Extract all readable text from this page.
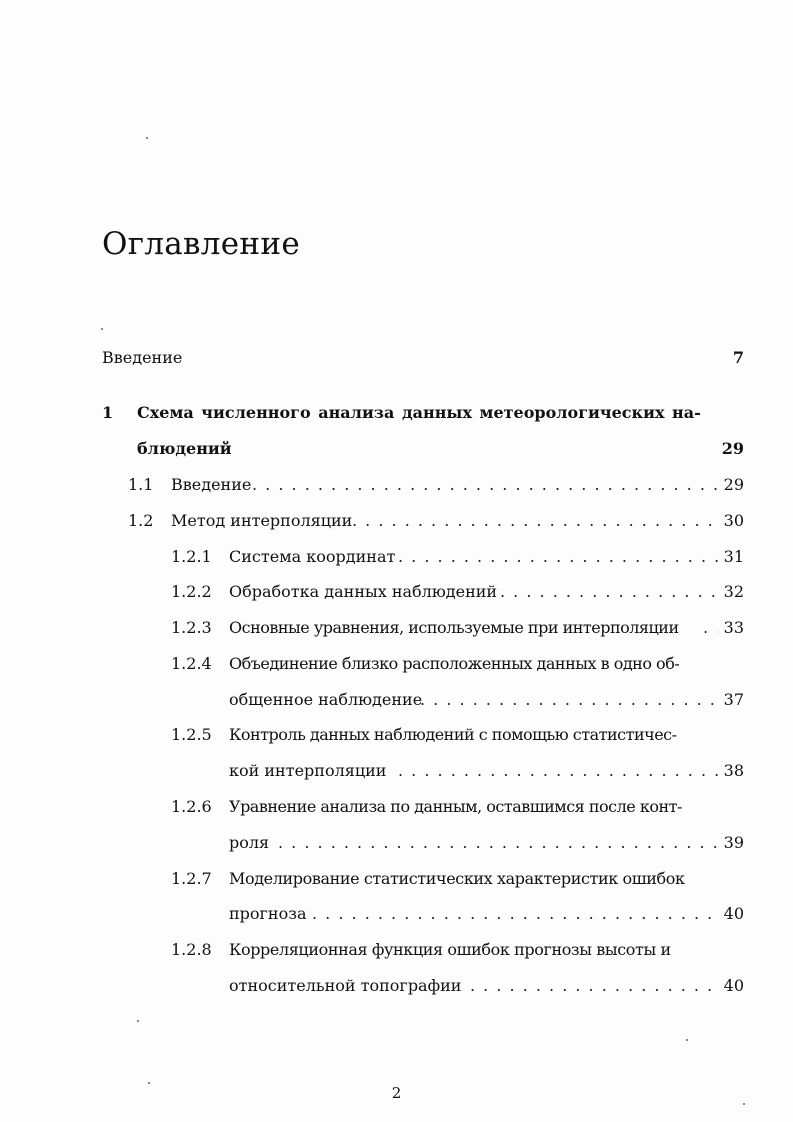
Оглавление
Введение	7
1 Схема численного анализа данных метеорологических на-
блюдений	29
1.1 Введение . . .	29
1.2 Метод интерполяции . . .	30
1.2.1 Система координат . . .	31
1.2.2 Обработка данных наблюдений . . .	32
1.2.3 Основные уравнения, используемые при интерполяции . . .	33
1.2.4 Объединение близко расположенных данных в одно об-
общенное наблюдение . . .	37
1.2.5 Контроль данных наблюдений с помощью статистичес-
кой интерполяции . . .	38
1.2.6 Уравнение анализа по данным, оставшимся после конт-
роля . . .	39
1.2.7 Моделирование статистических характеристик ошибок
прогноза . . .	40
1.2.8 Корреляционная функция ошибок прогнозы высоты и
относительной топографии . . .	40
2
